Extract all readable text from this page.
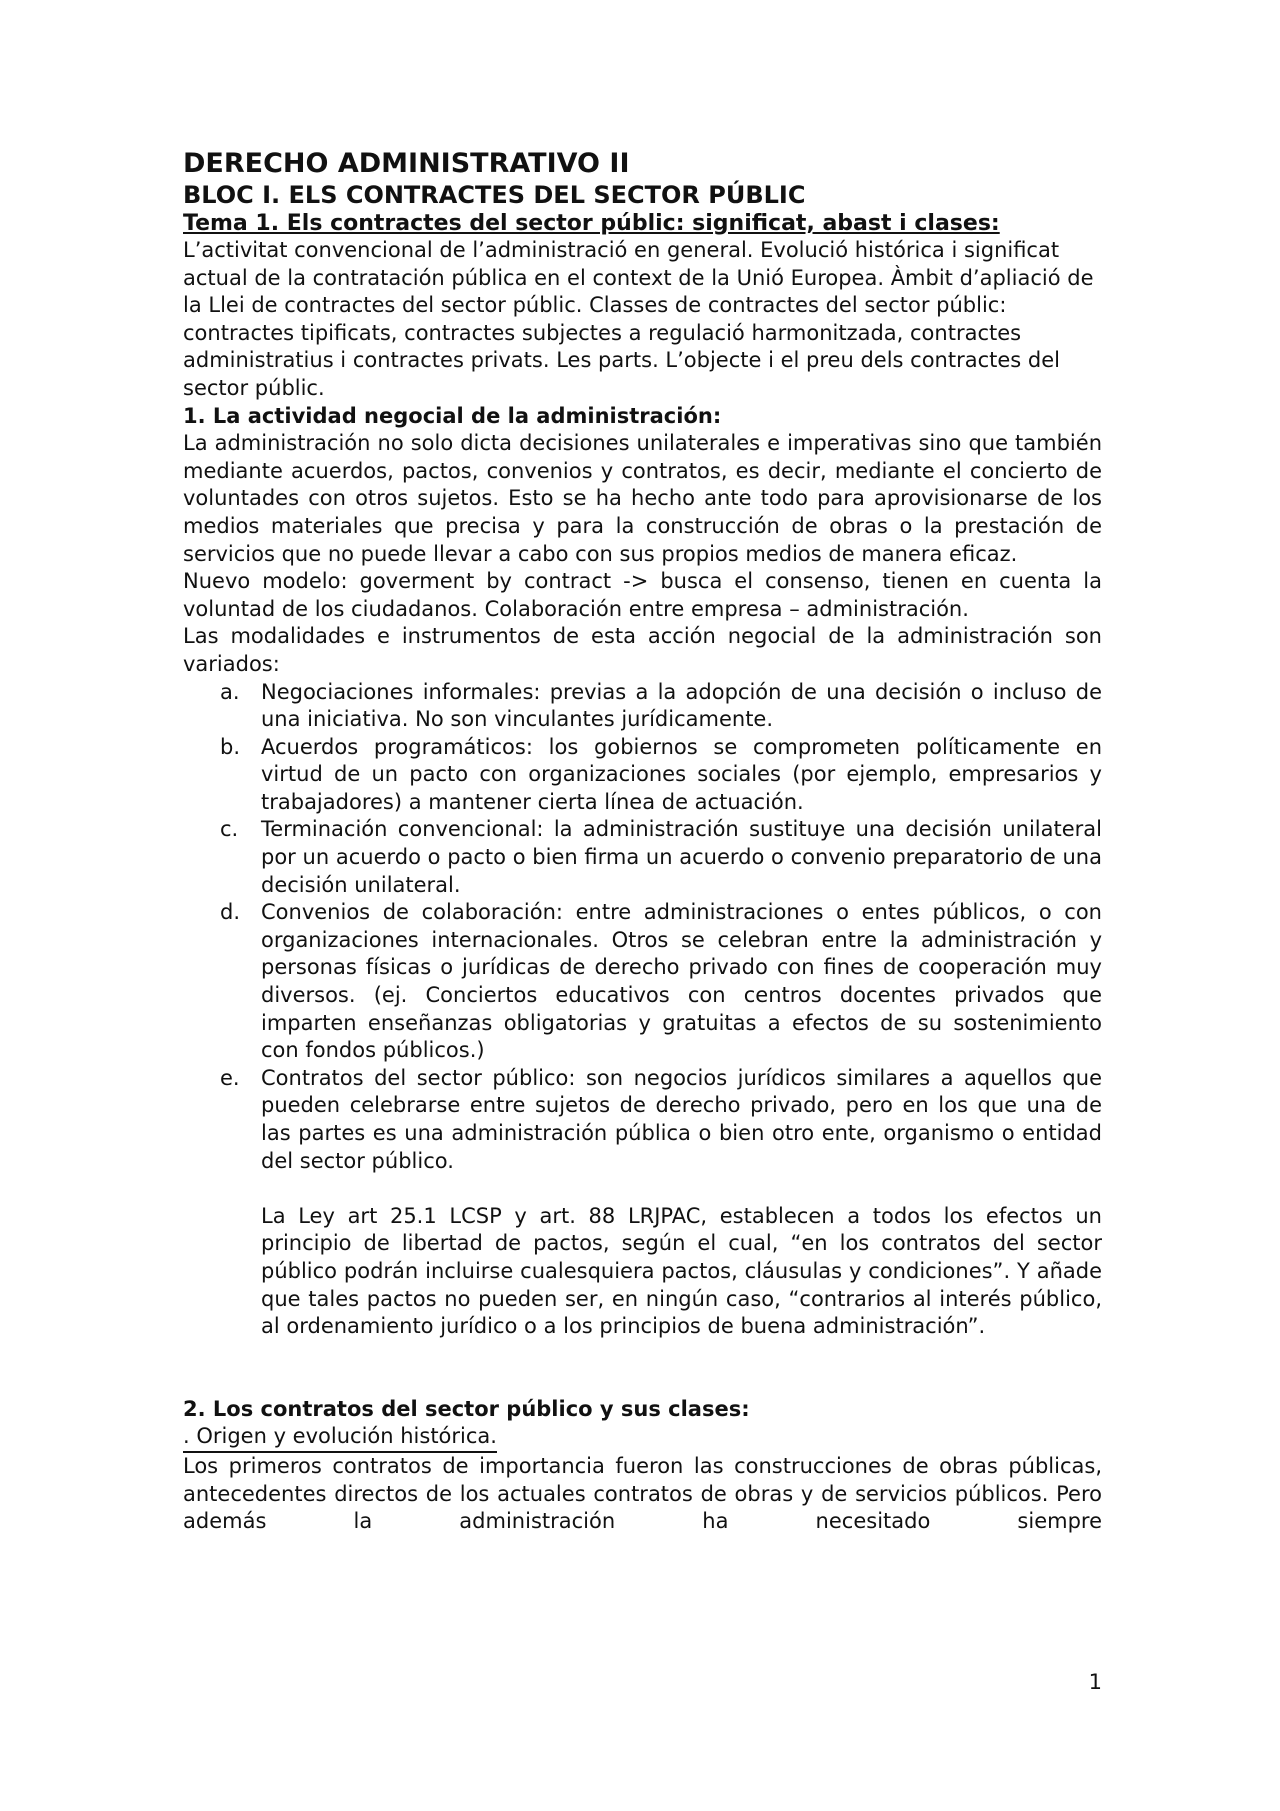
DERECHO ADMINISTRATIVO II

BLOC I. ELS CONTRACTES DEL SECTOR PÚBLIC

Tema 1. Els contractes del sector públic: significat, abast i clases:

L’activitat convencional de l’administració en general. Evolució histórica i significat actual de la contratación pública en el context de la Unió Europea. Àmbit d’apliació de la Llei de contractes del sector públic. Classes de contractes del sector públic: contractes tipificats, contractes subjectes a regulació harmonitzada, contractes administratius i contractes privats. Les parts. L’objecte i el preu dels contractes del sector públic.

1. La actividad negocial de la administración:

La administración no solo dicta decisiones unilaterales e imperativas sino que también mediante acuerdos, pactos, convenios y contratos, es decir, mediante el concierto de voluntades con otros sujetos. Esto se ha hecho ante todo para aprovisionarse de los medios materiales que precisa y para la construcción de obras o la prestación de servicios que no puede llevar a cabo con sus propios medios de manera eficaz.

Nuevo modelo: goverment by contract -> busca el consenso, tienen en cuenta la voluntad de los ciudadanos. Colaboración entre empresa – administración.

Las modalidades e instrumentos de esta acción negocial de la administración son variados:

a. Negociaciones informales: previas a la adopción de una decisión o incluso de una iniciativa. No son vinculantes jurídicamente.

b. Acuerdos programáticos: los gobiernos se comprometen políticamente en virtud de un pacto con organizaciones sociales (por ejemplo, empresarios y trabajadores) a mantener cierta línea de actuación.

c. Terminación convencional: la administración sustituye una decisión unilateral por un acuerdo o pacto o bien firma un acuerdo o convenio preparatorio de una decisión unilateral.

d. Convenios de colaboración: entre administraciones o entes públicos, o con organizaciones internacionales. Otros se celebran entre la administración y personas físicas o jurídicas de derecho privado con fines de cooperación muy diversos. (ej. Conciertos educativos con centros docentes privados que imparten enseñanzas obligatorias y gratuitas a efectos de su sostenimiento con fondos públicos.)

e. Contratos del sector público: son negocios jurídicos similares a aquellos que pueden celebrarse entre sujetos de derecho privado, pero en los que una de las partes es una administración pública o bien otro ente, organismo o entidad del sector público.

La Ley art 25.1 LCSP y art. 88 LRJPAC, establecen a todos los efectos un principio de libertad de pactos, según el cual, “en los contratos del sector público podrán incluirse cualesquiera pactos, cláusulas y condiciones”. Y añade que tales pactos no pueden ser, en ningún caso, “contrarios al interés público, al ordenamiento jurídico o a los principios de buena administración”.

2. Los contratos del sector público y sus clases:

. Origen y evolución histórica.

Los primeros contratos de importancia fueron las construcciones de obras públicas, antecedentes directos de los actuales contratos de obras y de servicios públicos. Pero además la administración ha necesitado siempre

1
